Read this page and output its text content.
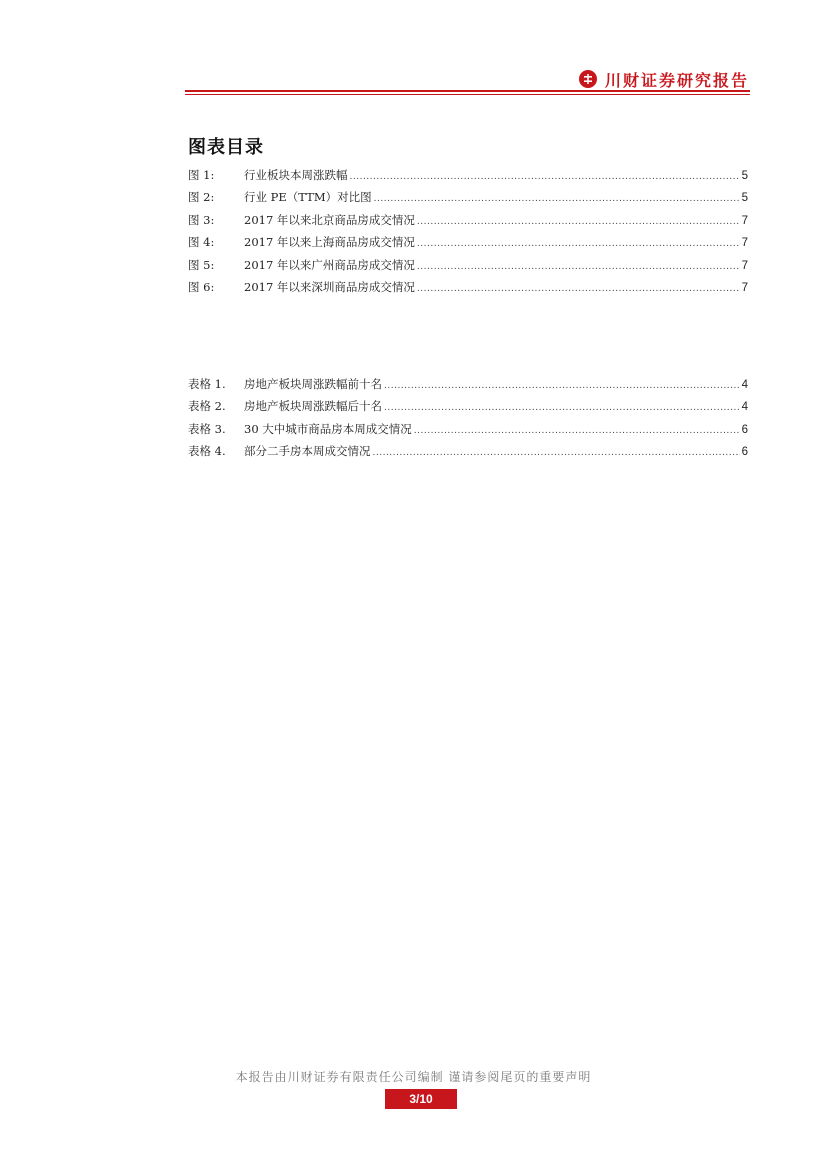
川财证券研究报告
图表目录
图 1:	行业板块本周涨跌幅 .....	5
图 2:	行业 PE（TTM）对比图 .....	5
图 3:	2017 年以来北京商品房成交情况 .....	7
图 4:	2017 年以来上海商品房成交情况 .....	7
图 5:	2017 年以来广州商品房成交情况 .....	7
图 6:	2017 年以来深圳商品房成交情况 .....	7
表格 1.	房地产板块周涨跌幅前十名 .....	4
表格 2.	房地产板块周涨跌幅后十名 .....	4
表格 3.	30 大中城市商品房本周成交情况 .....	6
表格 4.	部分二手房本周成交情况 .....	6
本报告由川财证券有限责任公司编制 谨请参阅尾页的重要声明
3/10
